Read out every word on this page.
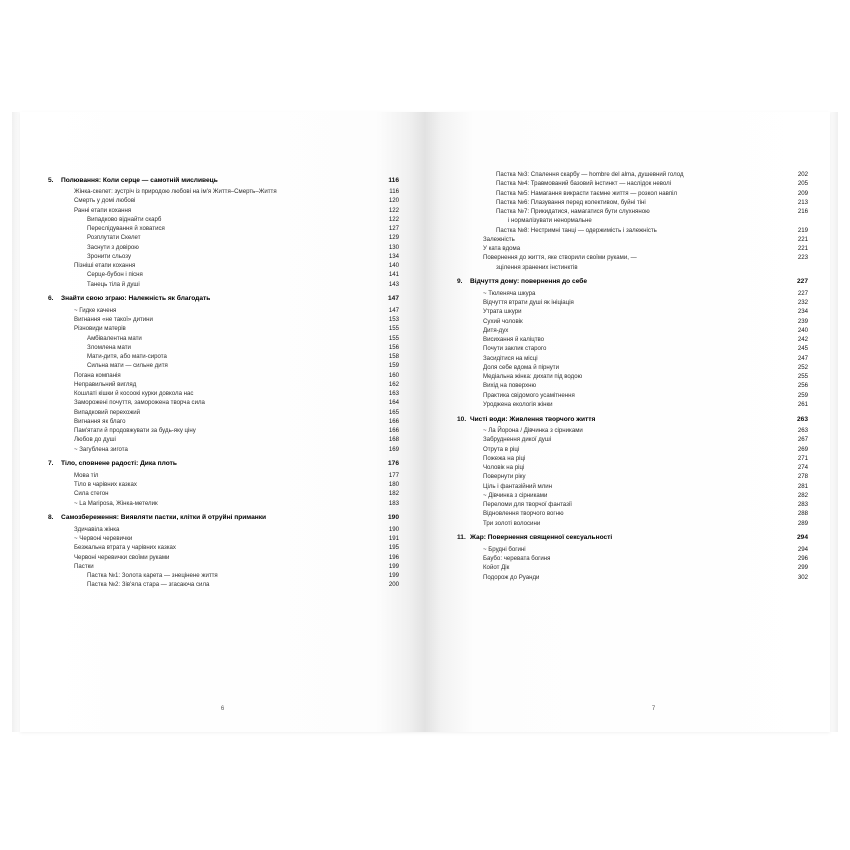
5.	Полювання: Коли серце — самотній мисливець	116
Жінка-скелет: зустріч із природою любові на ім'я Життя–Смерть–Життя	116
Смерть у домі любові	120
Ранні етапи кохання	122
Випадково віднайти скарб	122
Переслідування й ховатися	127
Розплутати Скелет	129
Заснути з довірою	130
Зронити сльозу	134
Пізніші етапи кохання	140
Серце-бубон і пісня	141
Танець тіла й душі	143
6.	Знайти свою зграю: Належність як благодать	147
~ Гидке каченя	147
Вигнання «не такої» дитини	153
Різновиди матерів	155
Амбівалентна мати	155
Зломлена мати	156
Мати-дитя, або мати-сирота	158
Сильна мати — сильне дитя	159
Погана компанія	160
Неправильний вигляд	162
Кошлаті кішки й косоокі курки довкола нас	163
Заморожені почуття, заморожена творча сила	164
Випадковий перехожий	165
Вигнання як благо	166
Пам'ятати й продовжувати за будь-яку ціну	166
Любов до душі	168
~ Загублена зигота	169
7.	Тіло, сповнене радості: Дика плоть	176
Мова тіл	177
Тіло в чарівних казках	180
Сила стегон	182
~ La Mariposa, Жінка-метелик	183
8.	Самозбереження: Виявляти пастки, клітки й отруйні приманки	190
Здичавіла жінка	190
~ Червоні черевички	191
Безжальна втрата у чарівних казках	195
Червоні черевички своїми руками	196
Пастки	199
Пастка №1: Золота карета — знецінене життя	199
Пастка №2: Зів'яла стара — згасаюча сила	200
6
Пастка №3: Спалення скарбу — hombre del alma, душевний голод	202
Пастка №4: Травмований базовий інстинкт — наслідок неволі	205
Пастка №5: Намагання викрасти таємне життя — розкол навпіл	209
Пастка №6: Плазування перед колективом, буйні тіні	213
Пастка №7: Прикидатися, намагатися бути слухняною	216
і нормалізувати ненормальне
Пастка №8: Нестримні танці — одержимість і залежність	219
Залежність	221
У ката вдома	221
Повернення до життя, яке створили своїми руками, —	223
зцілення зранених інстинктів
9.	Відчуття дому: повернення до себе	227
~ Тюленяча шкура	227
Відчуття втрати душі як ініціація	232
Утрата шкури	234
Сухий чоловік	239
Дитя-дух	240
Висихання й каліцтво	242
Почути заклик старого	245
Засидітися на місці	247
Доля себе вдома й пірнути	252
Медіальна жінка: дихати під водою	255
Вихід на поверхню	256
Практика свідомого усамітнення	259
Уроджена екологія жінки	261
10. Чисті води: Живлення творчого життя	263
~ Ла Йорона / Дівчинка з сірниками	263
Забруднення дикої душі	267
Отрута в ріці	269
Пожежа на ріці	271
Чоловік на ріці	274
Повернути ріку	278
Ціль і фантазійний млин	281
~ Дівчинка з сірниками	282
Переломи для творчої фантазії	283
Відновлення творчого вогню	288
Три золоті волосини	289
11. Жар: Повернення священної сексуальності	294
~ Брудні богині	294
Баубо: черевата богиня	296
Койот Дік	299
Подорож до Руанди	302
7
